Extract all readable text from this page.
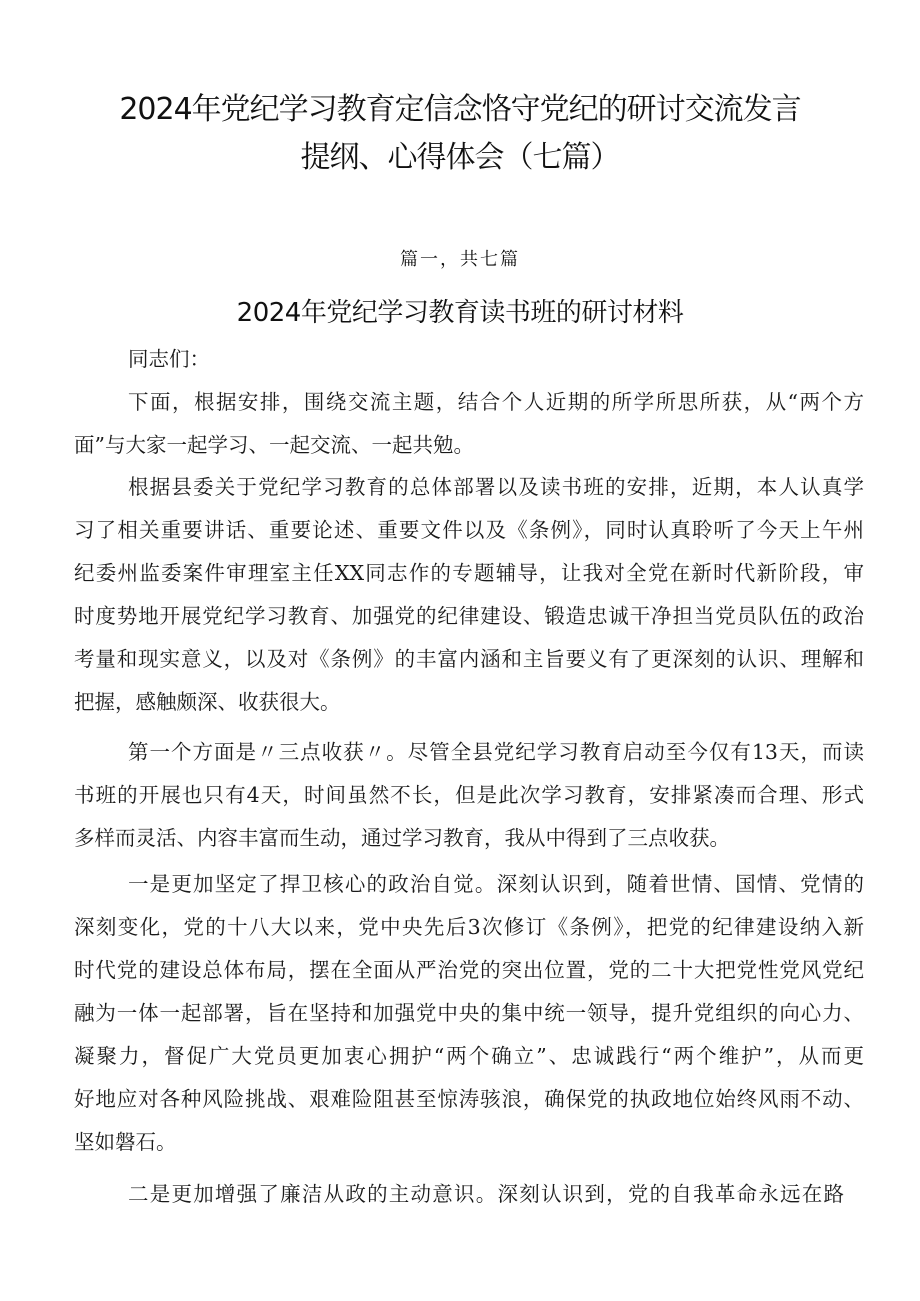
2024年党纪学习教育定信念恪守党纪的研讨交流发言
提纲、心得体会（七篇）
篇一，共七篇
2024年党纪学习教育读书班的研讨材料
同志们：
下面，根据安排，围绕交流主题，结合个人近期的所学所思所获，从“两个方
面”与大家一起学习、一起交流、一起共勉。
根据县委关于党纪学习教育的总体部署以及读书班的安排，近期，本人认真学
习了相关重要讲话、重要论述、重要文件以及《条例》，同时认真聆听了今天上午州
纪委州监委案件审理室主任XX同志作的专题辅导，让我对全党在新时代新阶段，审
时度势地开展党纪学习教育、加强党的纪律建设、锻造忠诚干净担当党员队伍的政治
考量和现实意义，以及对《条例》的丰富内涵和主旨要义有了更深刻的认识、理解和
把握，感触颇深、收获很大。
第一个方面是〃三点收获〃。尽管全县党纪学习教育启动至今仅有13天，而读
书班的开展也只有4天，时间虽然不长，但是此次学习教育，安排紧凑而合理、形式
多样而灵活、内容丰富而生动，通过学习教育，我从中得到了三点收获。
一是更加坚定了捍卫核心的政治自觉。深刻认识到，随着世情、国情、党情的
深刻变化，党的十八大以来，党中央先后3次修订《条例》，把党的纪律建设纳入新
时代党的建设总体布局，摆在全面从严治党的突出位置，党的二十大把党性党风党纪
融为一体一起部署，旨在坚持和加强党中央的集中统一领导，提升党组织的向心力、
凝聚力，督促广大党员更加衷心拥护“两个确立”、忠诚践行“两个维护”，从而更
好地应对各种风险挑战、艰难险阻甚至惊涛骇浪，确保党的执政地位始终风雨不动、
坚如磐石。
二是更加增强了廉洁从政的主动意识。深刻认识到，党的自我革命永远在路
